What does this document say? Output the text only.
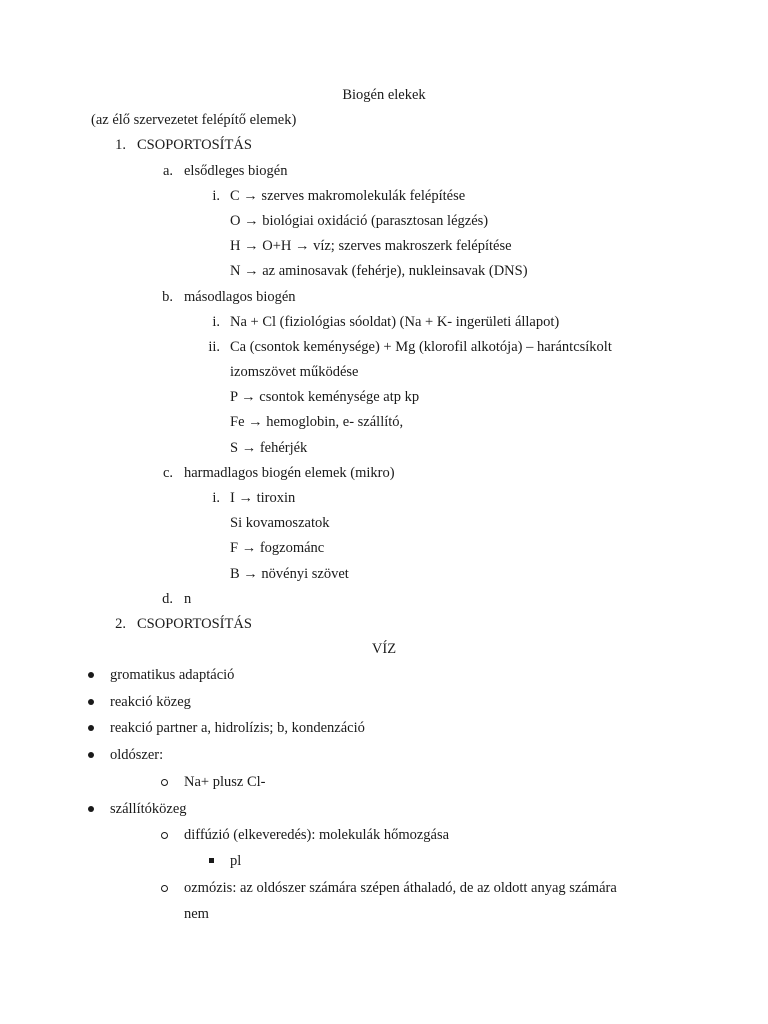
Biogén elekek
(az élő szervezetet felépítő elemek)
1. CSOPORTOSÍTÁS
a. elsődleges biogén
i. C → szerves makromolekulák felépítése
O → biológiai oxidáció (parasztosan légzés)
H → O+H → víz; szerves makroszerk felépítése
N → az aminosavak (fehérje), nukleinsavak (DNS)
b. másodlagos biogén
i. Na + Cl (fiziológias sóoldat) (Na + K- ingerületi állapot)
ii. Ca (csontok keménysége) + Mg (klorofil alkotója) – harántcsíkolt
izomszövet működése
P → csontok keménysége atp kp
Fe → hemoglobin, e- szállító,
S → fehérjék
c. harmadlagos biogén elemek (mikro)
i. I → tiroxin
Si kovamoszatok
F → fogzománc
B → növényi szövet
d. n
2. CSOPORTOSÍTÁS
VÍZ
gromatikus adaptáció
reakció közeg
reakció partner a, hidrolízis; b, kondenzáció
oldószer:
Na+ plusz Cl-
szállítóközeg
diffúzió (elkeveredés): molekulák hőmozgása
pl
ozmózis: az oldószer számára szépen áthaladó, de az oldott anyag számára
nem
